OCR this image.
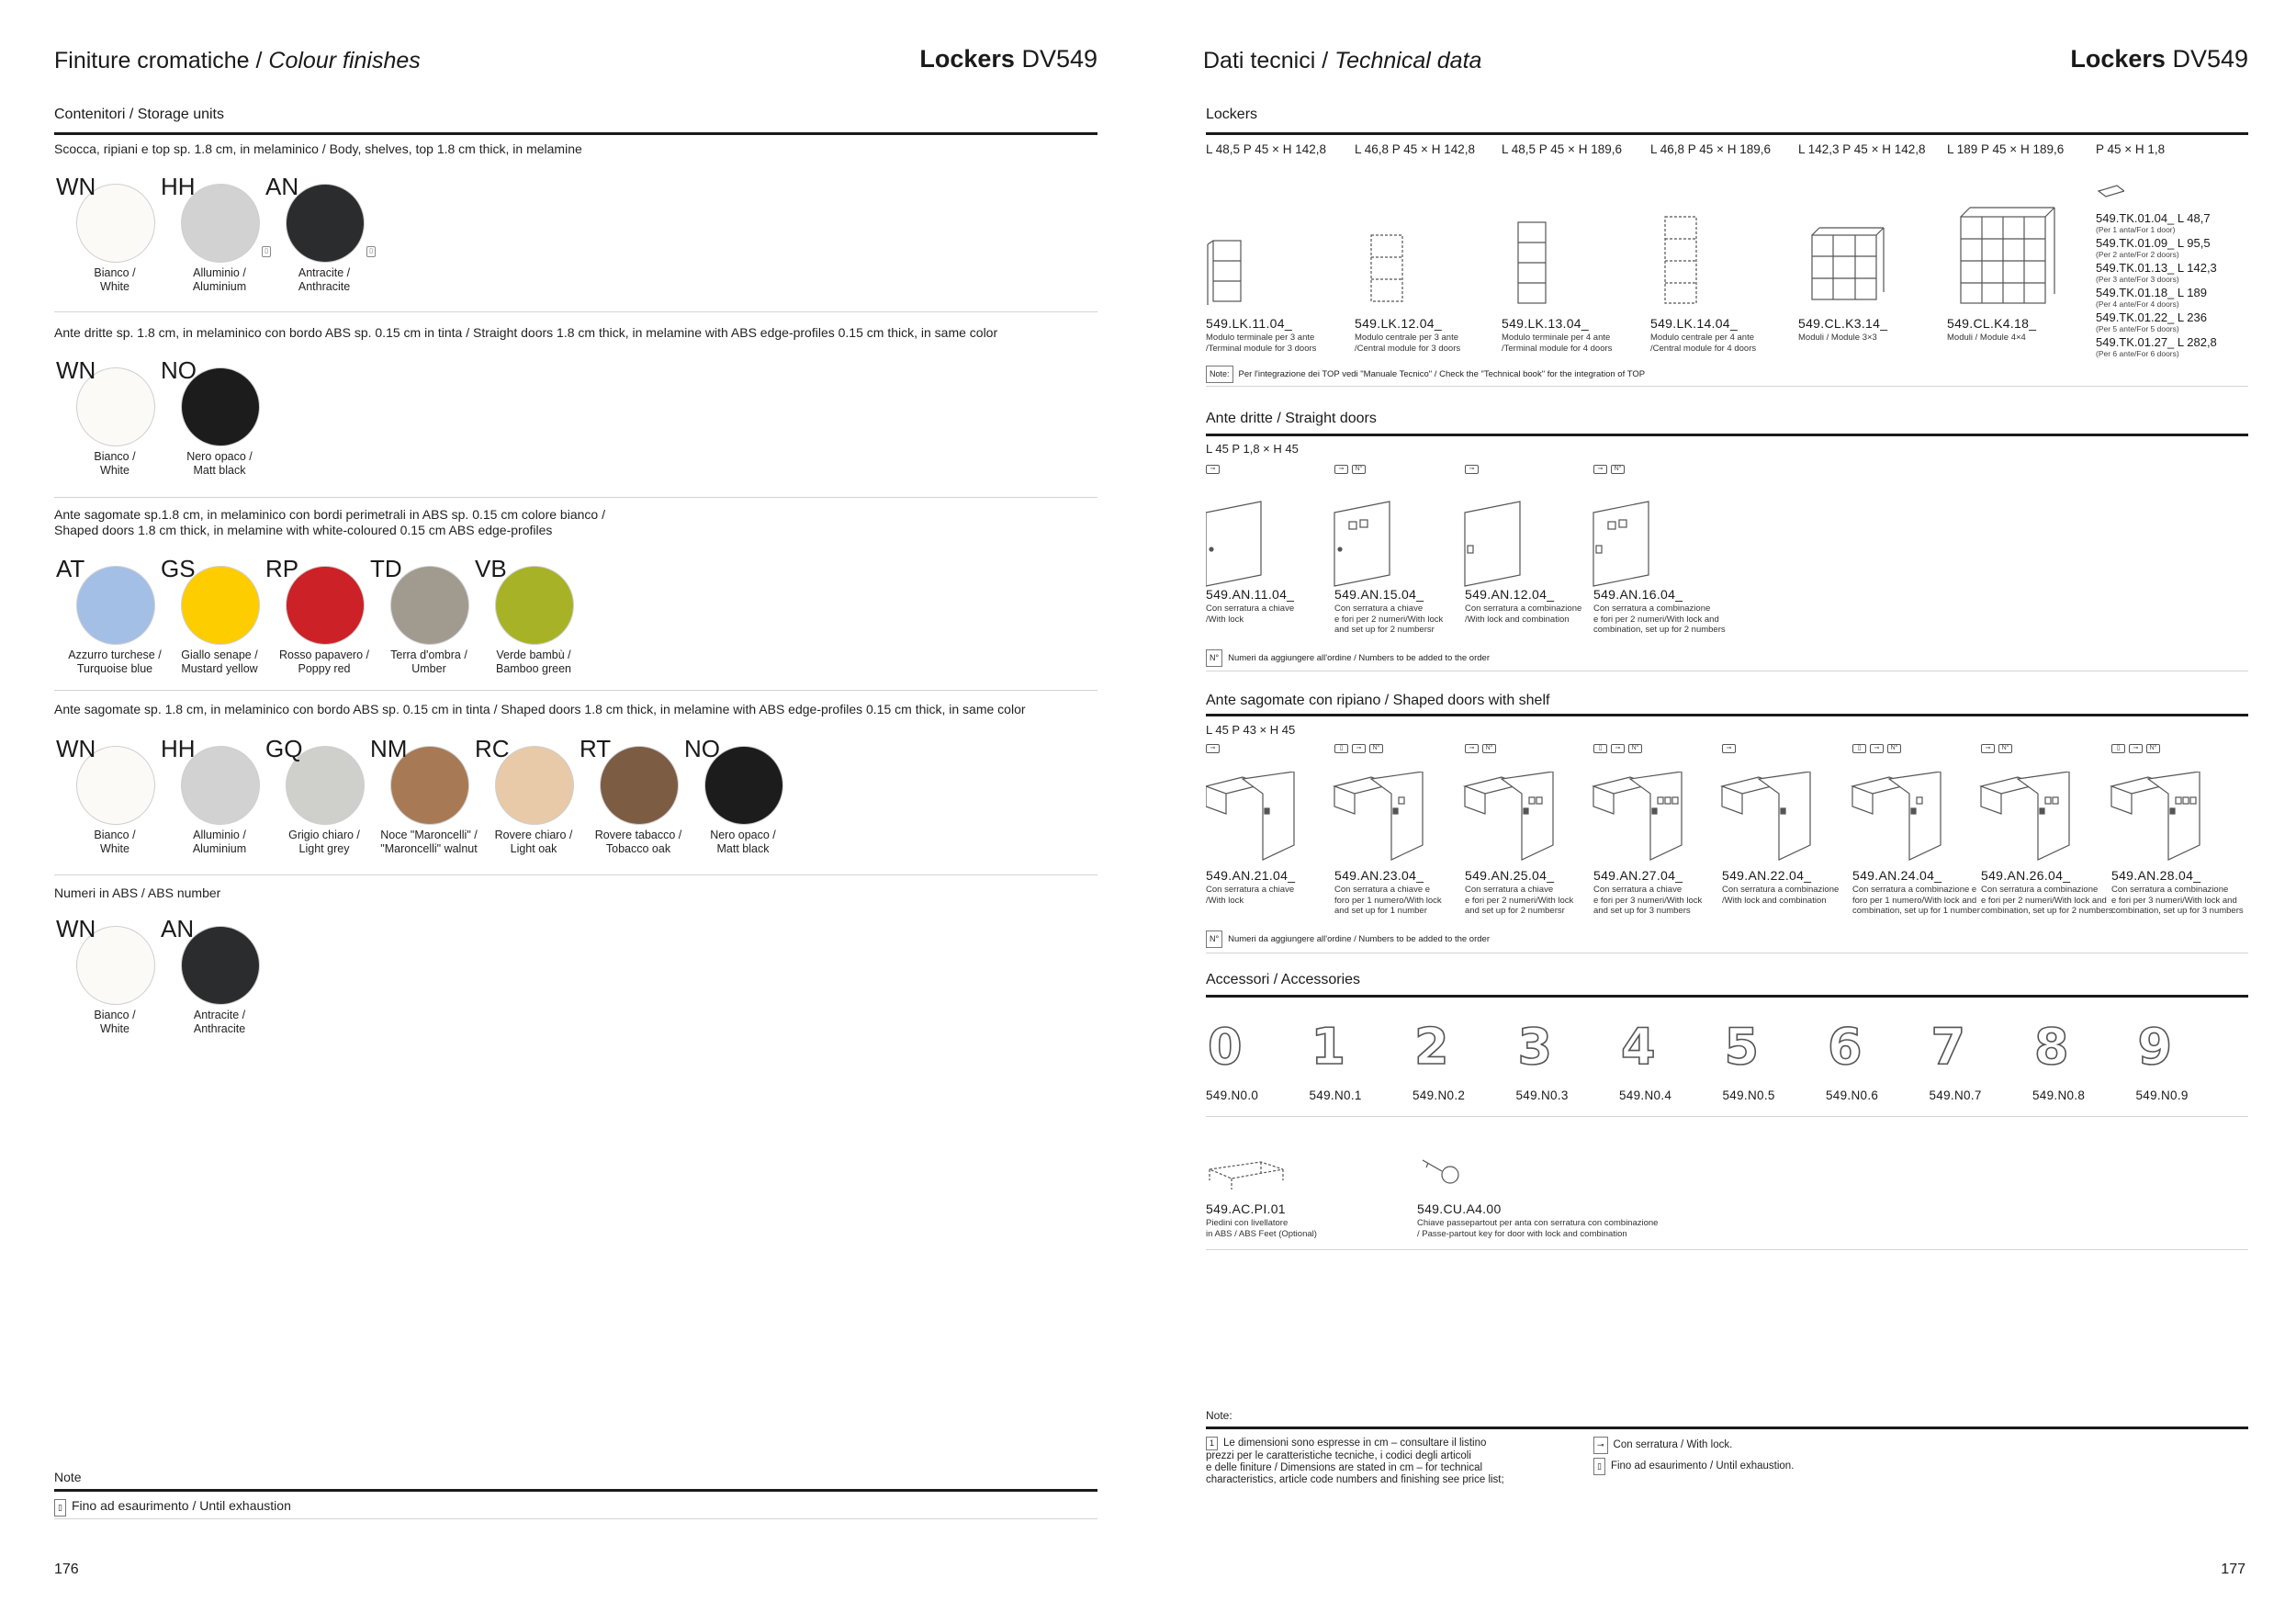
Finiture cromatiche / Colour finishes	Lockers DV549
Contenitori / Storage units
Scocca, ripiani e top sp. 1.8 cm, in melaminico / Body, shelves, top 1.8 cm thick, in melamine
WN
Bianco /
White
HH
▯
Alluminio /
Aluminium
AN
▯
Antracite /
Anthracite
Ante dritte sp. 1.8 cm, in melaminico con bordo ABS sp. 0.15 cm in tinta / Straight doors 1.8 cm thick, in melamine with ABS edge-profiles 0.15 cm thick, in same color
WN
Bianco /
White
NO
Nero opaco /
Matt black
Ante sagomate sp.1.8 cm, in melaminico con bordi perimetrali in ABS sp. 0.15 cm colore bianco /
Shaped doors 1.8 cm thick, in melamine with white-coloured 0.15 cm ABS edge-profiles
AT
Azzurro turchese /
Turquoise blue
GS
Giallo senape /
Mustard yellow
RP
Rosso papavero /
Poppy red
TD
Terra d'ombra /
Umber
VB
Verde bambù /
Bamboo green
Ante sagomate sp. 1.8 cm, in melaminico con bordo ABS sp. 0.15 cm in tinta / Shaped doors 1.8 cm thick, in melamine with ABS edge-profiles 0.15 cm thick, in same color
WN
Bianco /
White
HH
Alluminio /
Aluminium
GQ
Grigio chiaro /
Light grey
NM
Noce "Maroncelli" /
"Maroncelli" walnut
RC
Rovere chiaro /
Light oak
RT
Rovere tabacco /
Tobacco oak
NO
Nero opaco /
Matt black
Numeri in ABS / ABS number
WN
Bianco /
White
AN
Antracite /
Anthracite
Note
▯ Fino ad esaurimento / Until exhaustion
176
Dati tecnici / Technical data	Lockers DV549
Lockers
L 48,5 P 45 × H 142,8 L 46,8 P 45 × H 142,8 L 48,5 P 45 × H 189,6 L 46,8 P 45 × H 189,6 L 142,3 P 45 × H 142,8 L 189 P 45 × H 189,6	P 45 × H 1,8
549.LK.11.04_
Modulo terminale per 3 ante
/Terminal module for 3 doors
549.LK.12.04_
Modulo centrale per 3 ante
/Central module for 3 doors
549.LK.13.04_
Modulo terminale per 4 ante
/Terminal module for 4 doors
549.LK.14.04_
Modulo centrale per 4 ante
/Central module for 4 doors
549.CL.K3.14_
Moduli / Module 3×3
549.CL.K4.18_
Moduli / Module 4×4
549.TK.01.04_ L 48,7
(Per 1 anta/For 1 door)
549.TK.01.09_ L 95,5
(Per 2 ante/For 2 doors)
549.TK.01.13_ L 142,3
(Per 3 ante/For 3 doors)
549.TK.01.18_ L 189
(Per 4 ante/For 4 doors)
549.TK.01.22_ L 236
(Per 5 ante/For 5 doors)
549.TK.01.27_ L 282,8
(Per 6 ante/For 6 doors)
Note: Per l'integrazione dei TOP vedi "Manuale Tecnico" / Check the "Technical book" for the integration of TOP
Ante dritte / Straight doors
L 45 P 1,8 × H 45
⊸	⊸	N°	⊸	⊸	N°
549.AN.11.04_
Con serratura a chiave
/With lock
549.AN.15.04_
Con serratura a chiave
e fori per 2 numeri/With lock
and set up for 2 numbersr
549.AN.12.04_
Con serratura a combinazione
/With lock and combination
549.AN.16.04_
Con serratura a combinazione
e fori per 2 numeri/With lock and
combination, set up for 2 numbers
N° Numeri da aggiungere all'ordine / Numbers to be added to the order
Ante sagomate con ripiano / Shaped doors with shelf
L 45 P 43 × H 45
⊸	▯	⊸	N°	⊸	N°	▯	⊸	N°	⊸	▯	⊸	N°	⊸	N°	▯	⊸	N°
549.AN.21.04_
Con serratura a chiave
/With lock
549.AN.23.04_
Con serratura a chiave e
foro per 1 numero/With lock
and set up for 1 number
549.AN.25.04_
Con serratura a chiave
e fori per 2 numeri/With lock
and set up for 2 numbersr
549.AN.27.04_
Con serratura a chiave
e fori per 3 numeri/With lock
and set up for 3 numbers
549.AN.22.04_
Con serratura a combinazione
/With lock and combination
549.AN.24.04_
Con serratura a combinazione e
foro per 1 numero/With lock and
combination, set up for 1 number
549.AN.26.04_
Con serratura a combinazione
e fori per 2 numeri/With lock and
combination, set up for 2 numbers
549.AN.28.04_
Con serratura a combinazione
e fori per 3 numeri/With lock and
combination, set up for 3 numbers
N° Numeri da aggiungere all'ordine / Numbers to be added to the order
Accessori / Accessories
0
549.N0.0
1
549.N0.1
2
549.N0.2
3
549.N0.3
4
549.N0.4
5
549.N0.5
6
549.N0.6
7
549.N0.7
8
549.N0.8
9
549.N0.9
549.AC.PI.01
Piedini con livellatore
in ABS / ABS Feet (Optional)
549.CU.A4.00
Chiave passepartout per anta con serratura con combinazione
/ Passe-partout key for door with lock and combination
Note:
1 Le dimensioni sono espresse in cm – consultare il listino
prezzi per le caratteristiche tecniche, i codici degli articoli
e delle finiture / Dimensions are stated in cm – for technical
characteristics, article code numbers and finishing see price list;
⊸ Con serratura / With lock.
▯ Fino ad esaurimento / Until exhaustion.
177
